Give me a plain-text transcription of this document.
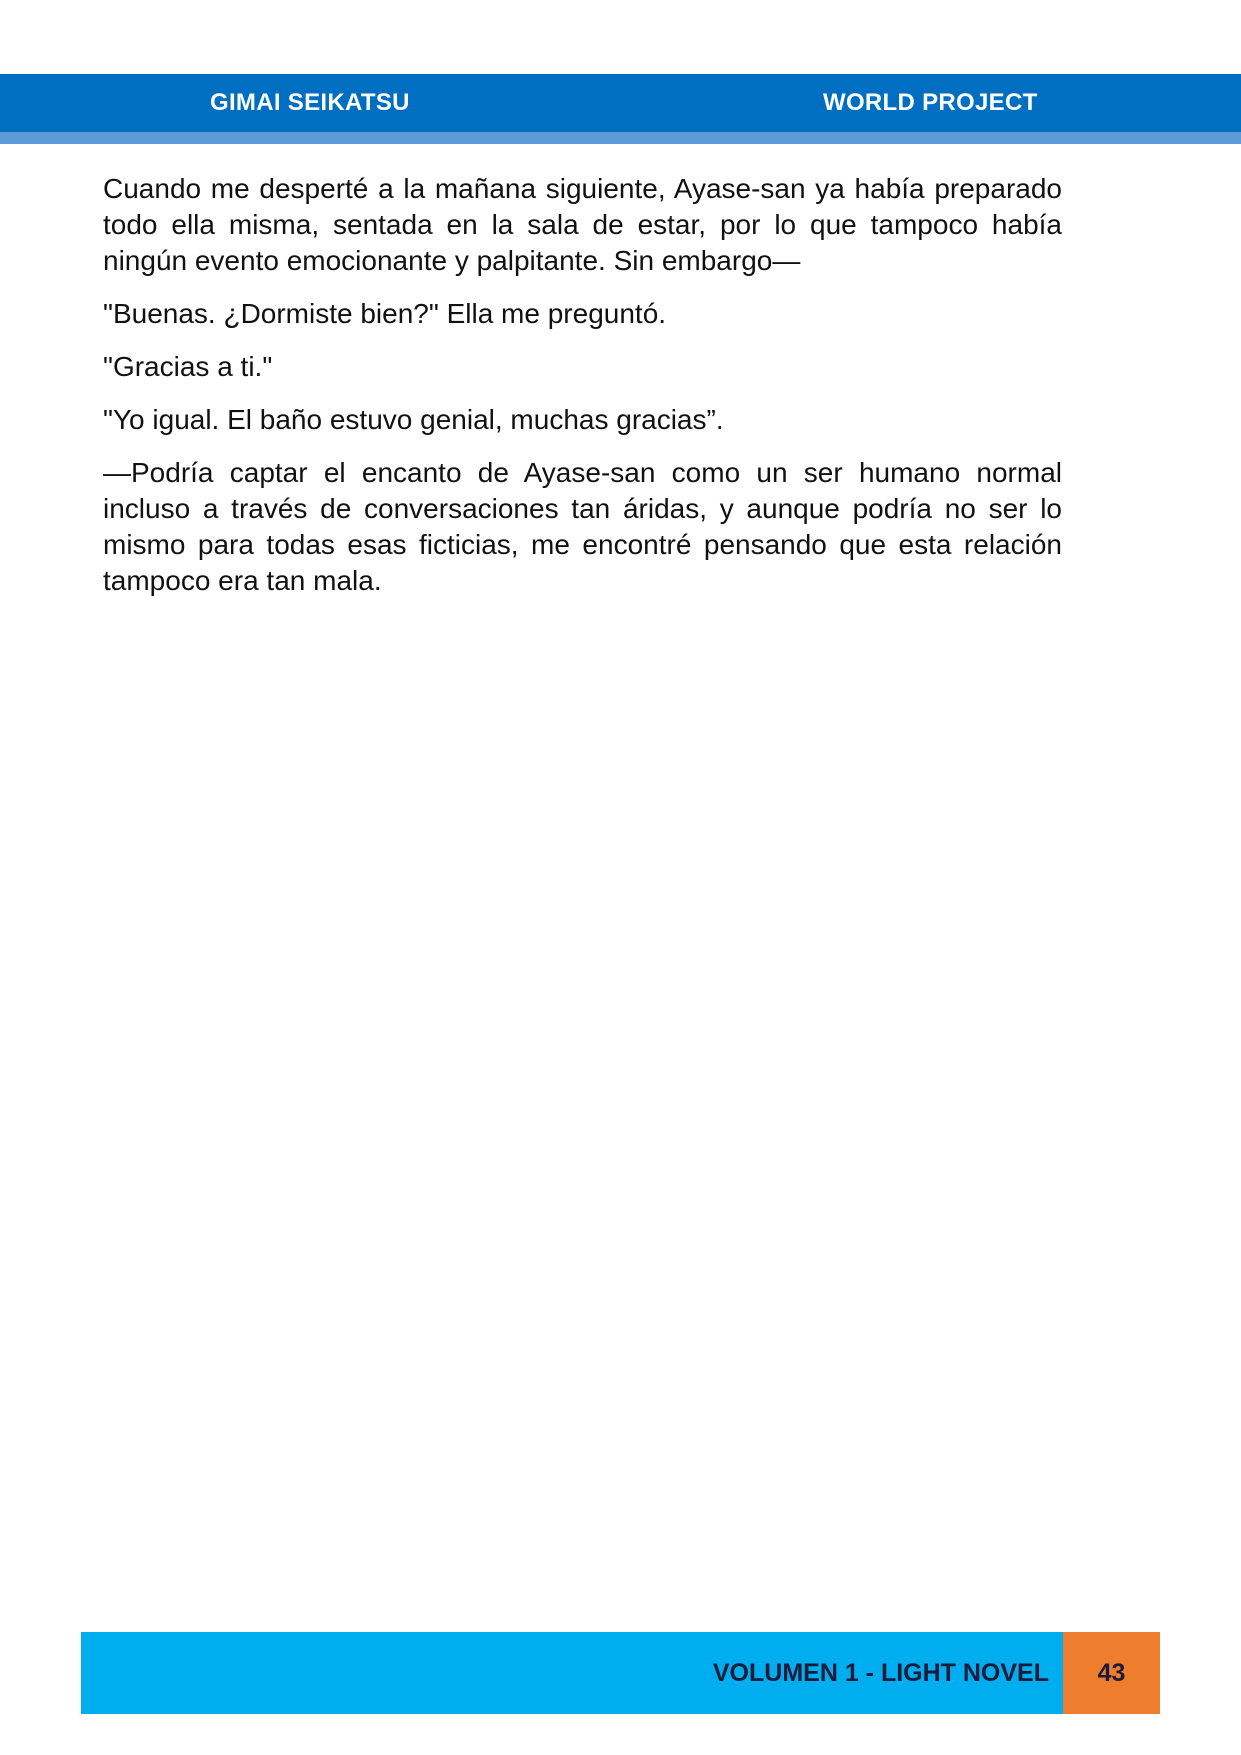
GIMAI SEIKATSU	WORLD PROJECT

Cuando me desperté a la mañana siguiente, Ayase-san ya había preparado todo ella misma, sentada en la sala de estar, por lo que tampoco había ningún evento emocionante y palpitante. Sin embargo—

"Buenas. ¿Dormiste bien?" Ella me preguntó.

"Gracias a ti."

"Yo igual. El baño estuvo genial, muchas gracias”.

—Podría captar el encanto de Ayase-san como un ser humano normal incluso a través de conversaciones tan áridas, y aunque podría no ser lo mismo para todas esas ficticias, me encontré pensando que esta relación tampoco era tan mala.

VOLUMEN 1 - LIGHT NOVEL	43
